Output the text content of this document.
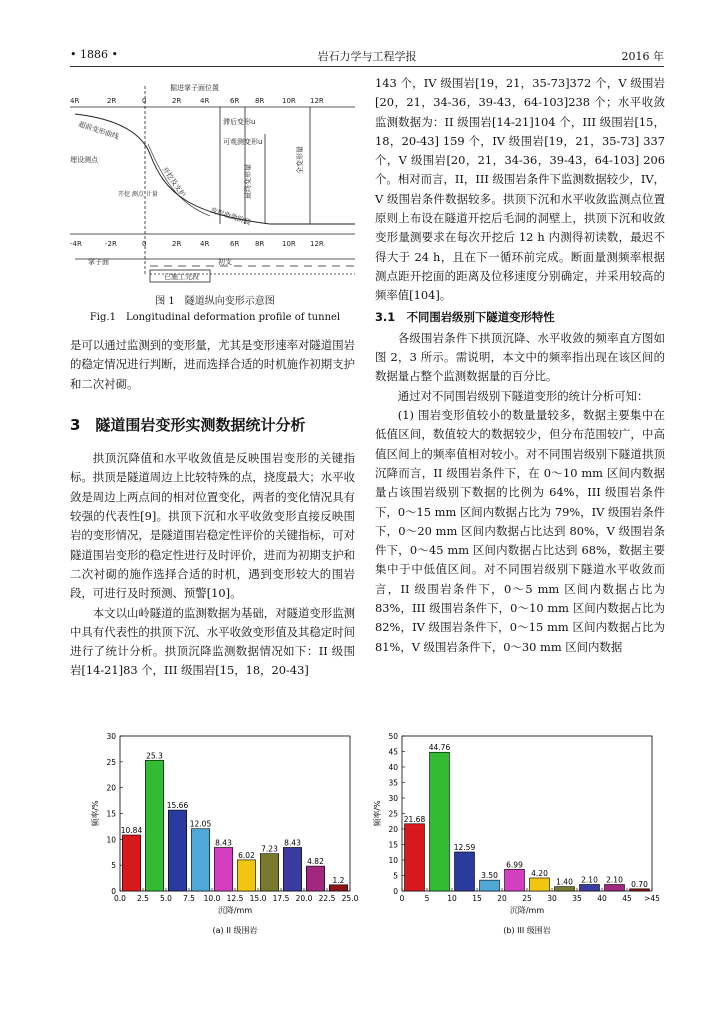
• 1886 •	岩石力学与工程学报	2016 年
4R	2R	0	2R	4R	6R 8R	10R 12R
-4R	-2R	0	2R	4R	6R 8R	10R 12R
掘进掌子面位置
超前变形曲线	滞后变形u
可观测变形u
全变形量
最终变形量
埋设测点
开挖及支护
变形收敛阶段
开挖 测点 计量
掌子面	初支
已施工完段
图 1　隧道纵向变形示意图
Fig.1　Longitudinal deformation profile of tunnel

是可以通过监测到的变形量，尤其是变形速率对隧道围岩的稳定情况进行判断，进而选择合适的时机施作初期支护和二次衬砌。

3　隧道围岩变形实测数据统计分析

拱顶沉降值和水平收敛值是反映围岩变形的关键指标。拱顶是隧道周边上比较特殊的点，挠度最大；水平收敛是周边上两点间的相对位置变化，两者的变化情况具有较强的代表性[9]。拱顶下沉和水平收敛变形直接反映围岩的变形情况，是隧道围岩稳定性评价的关键指标，可对隧道围岩变形的稳定性进行及时评价，进而为初期支护和二次衬砌的施作选择合适的时机，遇到变形较大的围岩段，可进行及时预测、预警[10]。

本文以山岭隧道的监测数据为基础，对隧道变形监测中具有代表性的拱顶下沉、水平收敛变形值及其稳定时间进行了统计分析。拱顶沉降监测数据情况如下：II 级围岩[14-21]83 个，III 级围岩[15，18，20-43]

143 个，IV 级围岩[19，21，35-73]372 个，V 级围岩[20，21，34-36，39-43，64-103]238 个；水平收敛监测数据为：II 级围岩[14-21]104 个，III 级围岩[15，18，20-43] 159 个，IV 级围岩[19，21，35-73] 337 个，V 级围岩[20，21，34-36，39-43，64-103] 206 个。相对而言，II，III 级围岩条件下监测数据较少，IV，V 级围岩条件数据较多。拱顶下沉和水平收敛监测点位置原则上布设在隧道开挖后毛洞的洞壁上，拱顶下沉和收敛变形量测要求在每次开挖后 12 h 内测得初读数，最迟不得大于 24 h，且在下一循环前完成。断面量测频率根据测点距开挖面的距离及位移速度分别确定，并采用较高的频率值[104]。

3.1　不同围岩级别下隧道变形特性

各级围岩条件下拱顶沉降、水平收敛的频率直方图如图 2，3 所示。需说明，本文中的频率指出现在该区间的数据量占整个监测数据量的百分比。

通过对不同围岩级别下隧道变形的统计分析可知：

(1) 围岩变形值较小的数量量较多，数据主要集中在低值区间，数值较大的数据较少，但分布范围较广，中高值区间上的频率值相对较小。对不同围岩级别下隧道拱顶沉降而言，II 级围岩条件下，在 0～10 mm 区间内数据量占该围岩级别下数据的比例为 64%，III 级围岩条件下，0～15 mm 区间内数据占比为 79%，IV 级围岩条件下，0～20 mm 区间内数据占比达到 80%，V 级围岩条件下，0～45 mm 区间内数据占比达到 68%，数据主要集中于中低值区间。对不同围岩级别下隧道水平收敛而言，II 级围岩条件下，0～5 mm 区间内数据占比为 83%，III 级围岩条件下，0～10 mm 区间内数据占比为 82%，IV 级围岩条件下，0～15 mm 区间内数据占比为 81%，V 级围岩条件下，0～30 mm 区间内数据

0
5
10
15
20
25
30
0.0 2.5 5.0 7.5 10.0 12.5 15.0 17.5 20.0 22.5 25.0
10.84
25.3
15.66
12.05
8.43
6.02
7.23
8.43
4.82
1.2
沉降/mm
频率/%
(a) II 级围岩
0
5
10
15
20
25
30
35
40
45
50
0	5 10 15 20 25 30 35 40 45 >45
21.68
44.76
12.59
3.50
6.99
4.20
1.40 2.10 2.10 0.70
沉降/mm
频率/%
(b) III 级围岩
